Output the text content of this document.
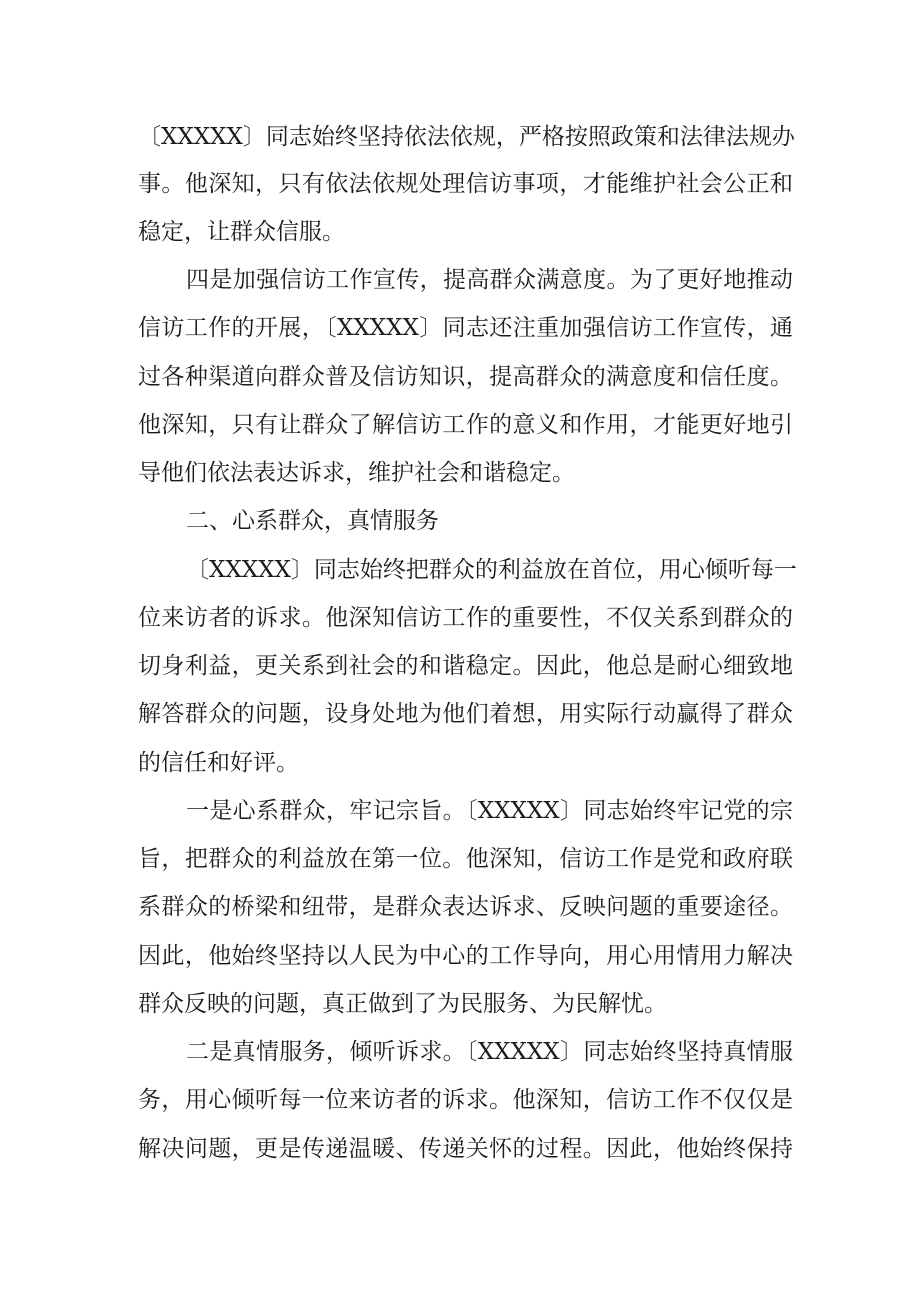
〔XXXXX〕同志始终坚持依法依规，严格按照政策和法律法规办
事。他深知，只有依法依规处理信访事项，才能维护社会公正和
稳定，让群众信服。
四是加强信访工作宣传，提高群众满意度。为了更好地推动
信访工作的开展，〔XXXXX〕同志还注重加强信访工作宣传，通
过各种渠道向群众普及信访知识，提高群众的满意度和信任度。
他深知，只有让群众了解信访工作的意义和作用，才能更好地引
导他们依法表达诉求，维护社会和谐稳定。
二、心系群众，真情服务
〔XXXXX〕同志始终把群众的利益放在首位，用心倾听每一
位来访者的诉求。他深知信访工作的重要性，不仅关系到群众的
切身利益，更关系到社会的和谐稳定。因此，他总是耐心细致地
解答群众的问题，设身处地为他们着想，用实际行动赢得了群众
的信任和好评。
一是心系群众，牢记宗旨。〔XXXXX〕同志始终牢记党的宗
旨，把群众的利益放在第一位。他深知，信访工作是党和政府联
系群众的桥梁和纽带，是群众表达诉求、反映问题的重要途径。
因此，他始终坚持以人民为中心的工作导向，用心用情用力解决
群众反映的问题，真正做到了为民服务、为民解忧。
二是真情服务，倾听诉求。〔XXXXX〕同志始终坚持真情服
务，用心倾听每一位来访者的诉求。他深知，信访工作不仅仅是
解决问题，更是传递温暖、传递关怀的过程。因此，他始终保持
